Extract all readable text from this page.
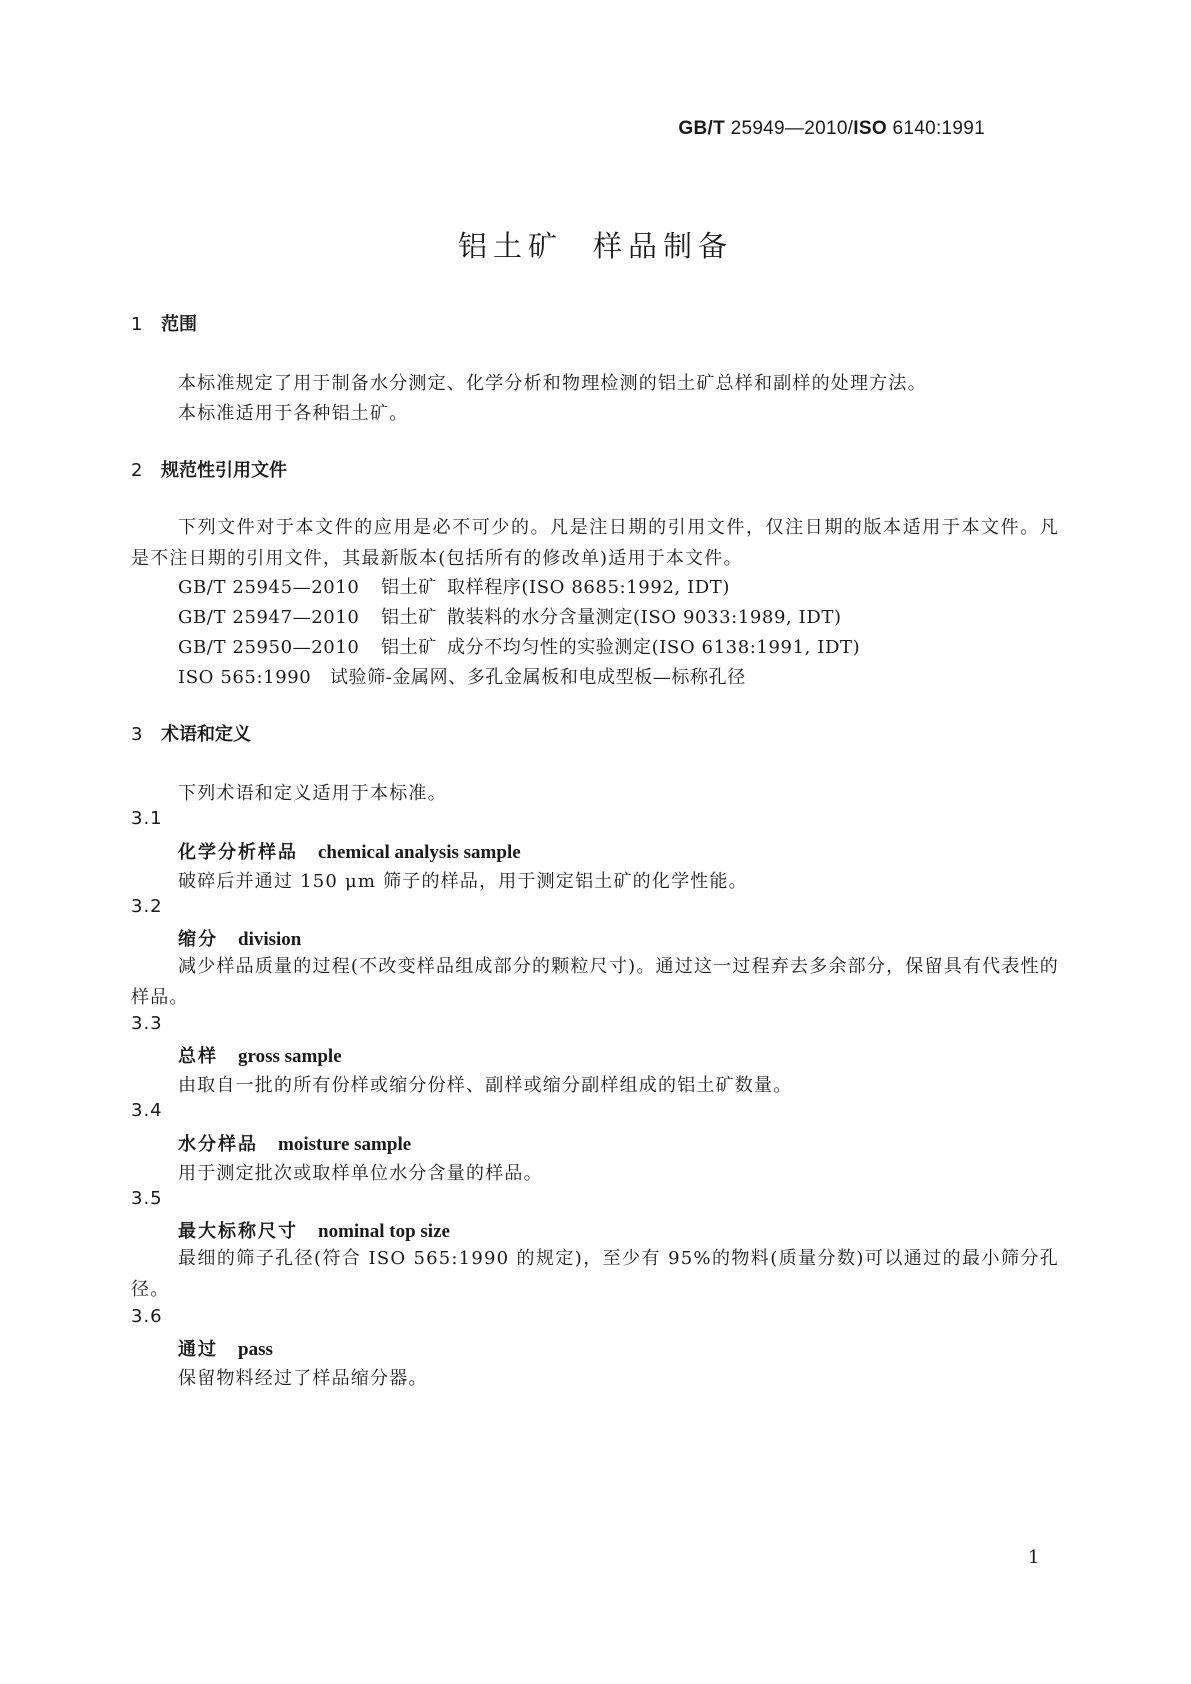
GB/T 25949—2010/ISO 6140:1991
铝土矿 样品制备
1 范围
本标准规定了用于制备水分测定、化学分析和物理检测的铝土矿总样和副样的处理方法。
本标准适用于各种铝土矿。
2 规范性引用文件
下列文件对于本文件的应用是必不可少的。凡是注日期的引用文件，仅注日期的版本适用于本文件。凡是不注日期的引用文件，其最新版本(包括所有的修改单)适用于本文件。
GB/T 25945—2010 铝土矿 取样程序(ISO 8685:1992, IDT)
GB/T 25947—2010 铝土矿 散装料的水分含量测定(ISO 9033:1989, IDT)
GB/T 25950—2010 铝土矿 成分不均匀性的实验测定(ISO 6138:1991, IDT)
ISO 565:1990　试验筛-金属网、多孔金属板和电成型板—标称孔径
3 术语和定义
下列术语和定义适用于本标准。
3.1
化学分析样品 chemical analysis sample
破碎后并通过 150 μm 筛子的样品，用于测定铝土矿的化学性能。
3.2
缩分 division
减少样品质量的过程(不改变样品组成部分的颗粒尺寸)。通过这一过程弃去多余部分，保留具有代表性的样品。
3.3
总样 gross sample
由取自一批的所有份样或缩分份样、副样或缩分副样组成的铝土矿数量。
3.4
水分样品 moisture sample
用于测定批次或取样单位水分含量的样品。
3.5
最大标称尺寸 nominal top size
最细的筛子孔径(符合 ISO 565:1990 的规定)，至少有 95%的物料(质量分数)可以通过的最小筛分孔径。
3.6
通过 pass
保留物料经过了样品缩分器。
1
